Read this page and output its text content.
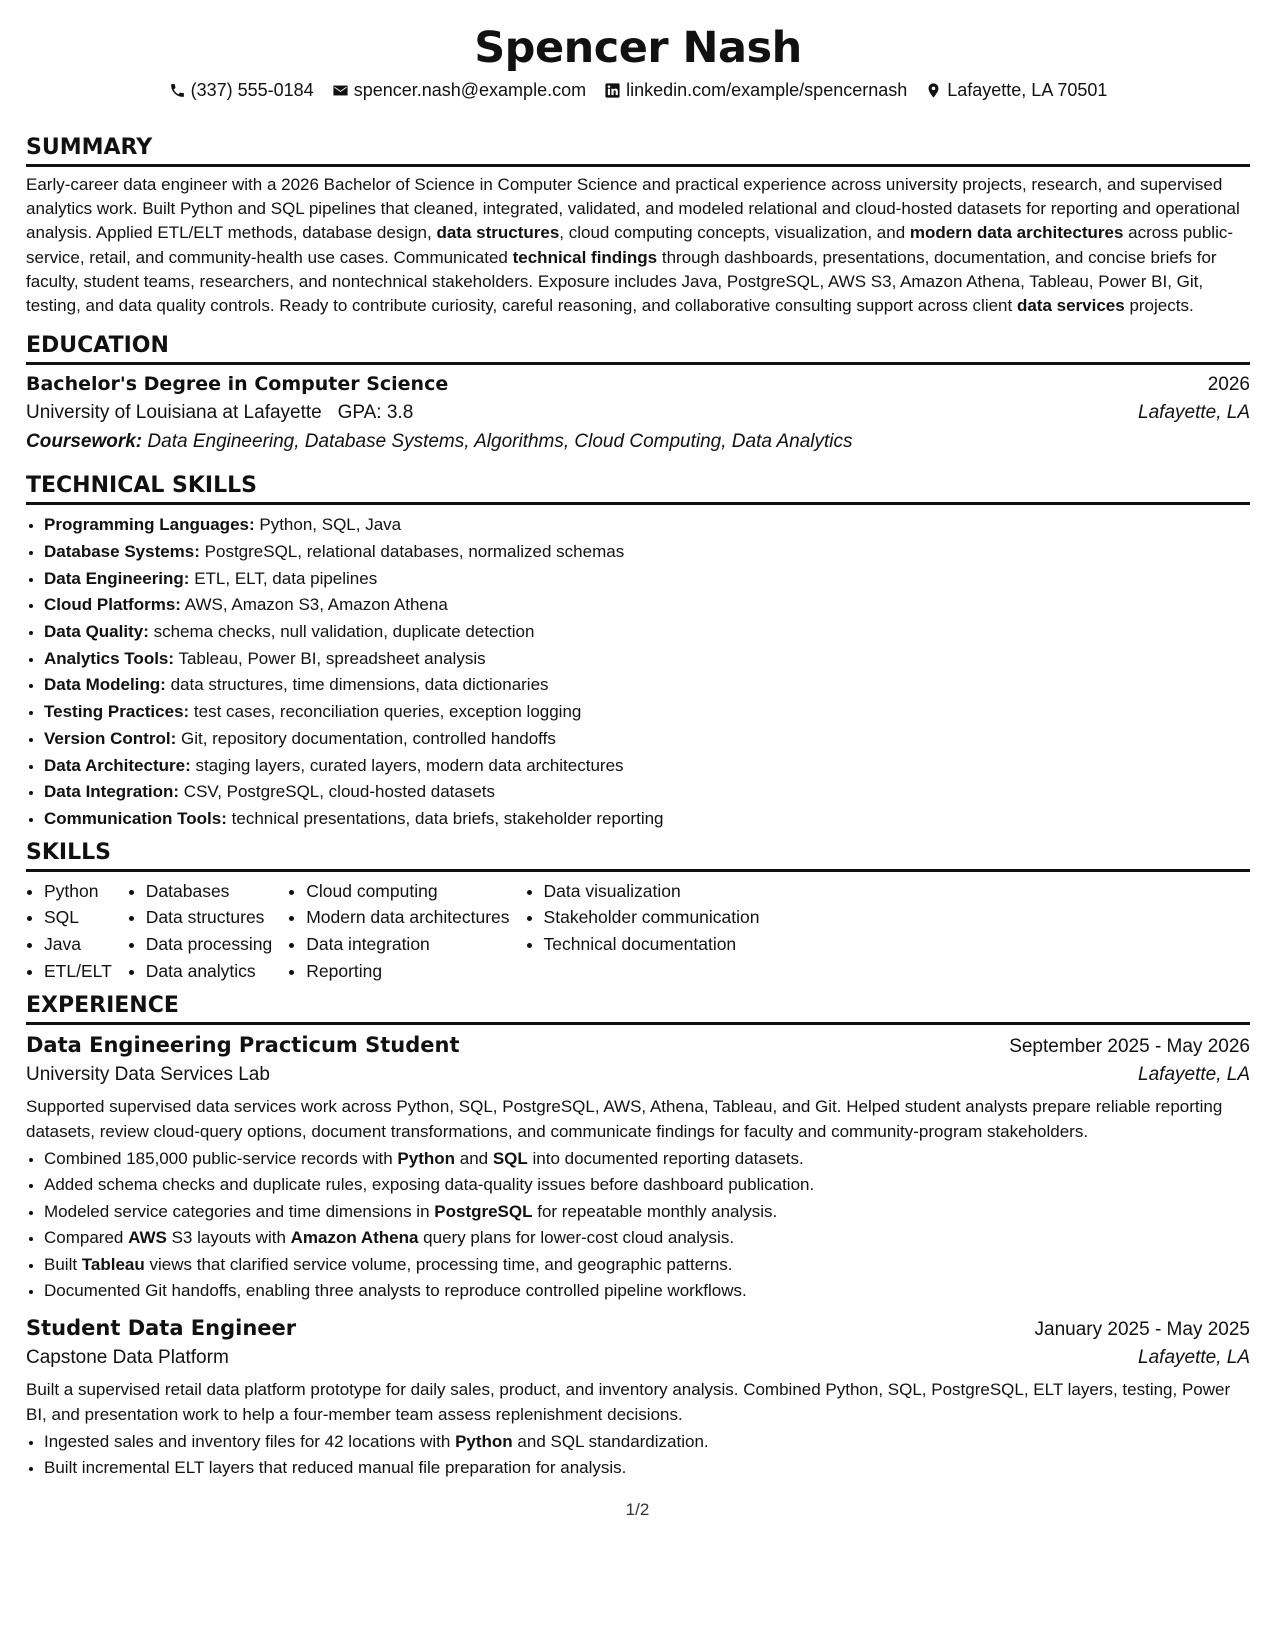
Spencer Nash
(337) 555-0184 spencer.nash@example.com linkedin.com/example/spencernash Lafayette, LA 70501
SUMMARY
Early-career data engineer with a 2026 Bachelor of Science in Computer Science and practical experience across university projects, research, and supervised analytics work. Built Python and SQL pipelines that cleaned, integrated, validated, and modeled relational and cloud-hosted datasets for reporting and operational analysis. Applied ETL/ELT methods, database design, data structures, cloud computing concepts, visualization, and modern data architectures across public-service, retail, and community-health use cases. Communicated technical findings through dashboards, presentations, documentation, and concise briefs for faculty, student teams, researchers, and nontechnical stakeholders. Exposure includes Java, PostgreSQL, AWS S3, Amazon Athena, Tableau, Power BI, Git, testing, and data quality controls. Ready to contribute curiosity, careful reasoning, and collaborative consulting support across client data services projects.
EDUCATION
Bachelor's Degree in Computer Science	2026
University of Louisiana at Lafayette GPA: 3.8	Lafayette, LA
Coursework: Data Engineering, Database Systems, Algorithms, Cloud Computing, Data Analytics
TECHNICAL SKILLS
• Programming Languages: Python, SQL, Java
• Database Systems: PostgreSQL, relational databases, normalized schemas
• Data Engineering: ETL, ELT, data pipelines
• Cloud Platforms: AWS, Amazon S3, Amazon Athena
• Data Quality: schema checks, null validation, duplicate detection
• Analytics Tools: Tableau, Power BI, spreadsheet analysis
• Data Modeling: data structures, time dimensions, data dictionaries
• Testing Practices: test cases, reconciliation queries, exception logging
• Version Control: Git, repository documentation, controlled handoffs
• Data Architecture: staging layers, curated layers, modern data architectures
• Data Integration: CSV, PostgreSQL, cloud-hosted datasets
• Communication Tools: technical presentations, data briefs, stakeholder reporting
SKILLS
• Python
• SQL
• Java
• ETL/ELT
• Databases
• Data structures
• Data processing
• Data analytics
• Cloud computing
• Modern data architectures
• Data integration
• Reporting
• Data visualization
• Stakeholder communication
• Technical documentation
EXPERIENCE
Data Engineering Practicum Student	September 2025 - May 2026
University Data Services Lab	Lafayette, LA
Supported supervised data services work across Python, SQL, PostgreSQL, AWS, Athena, Tableau, and Git. Helped student analysts prepare reliable reporting datasets, review cloud-query options, document transformations, and communicate findings for faculty and community-program stakeholders.
• Combined 185,000 public-service records with Python and SQL into documented reporting datasets.
• Added schema checks and duplicate rules, exposing data-quality issues before dashboard publication.
• Modeled service categories and time dimensions in PostgreSQL for repeatable monthly analysis.
• Compared AWS S3 layouts with Amazon Athena query plans for lower-cost cloud analysis.
• Built Tableau views that clarified service volume, processing time, and geographic patterns.
• Documented Git handoffs, enabling three analysts to reproduce controlled pipeline workflows.
Student Data Engineer	January 2025 - May 2025
Capstone Data Platform	Lafayette, LA
Built a supervised retail data platform prototype for daily sales, product, and inventory analysis. Combined Python, SQL, PostgreSQL, ELT layers, testing, Power BI, and presentation work to help a four-member team assess replenishment decisions.
• Ingested sales and inventory files for 42 locations with Python and SQL standardization.
• Built incremental ELT layers that reduced manual file preparation for analysis.
1/2
